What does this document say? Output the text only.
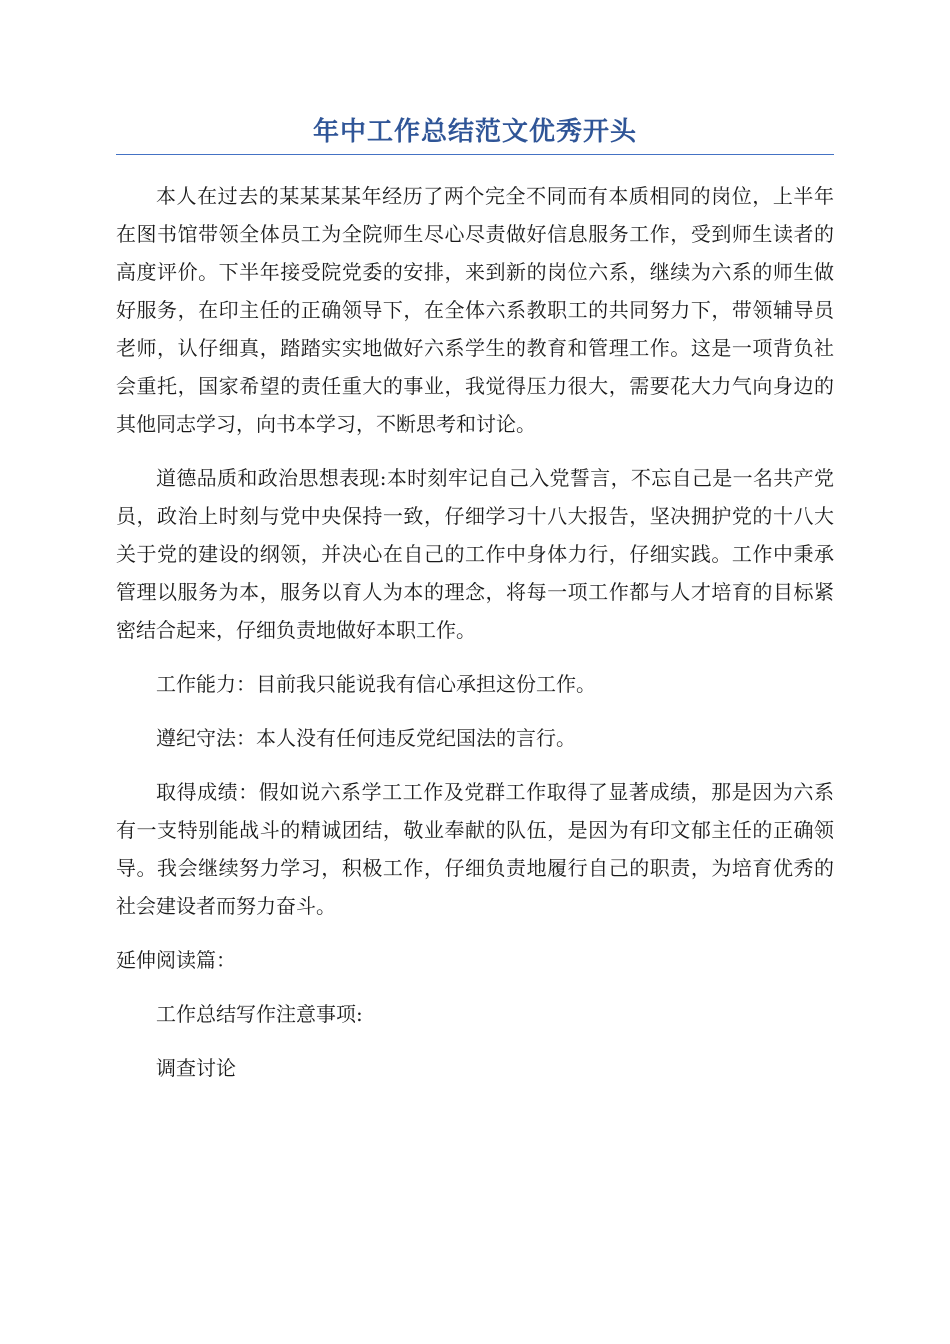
年中工作总结范文优秀开头

本人在过去的某某某某年经历了两个完全不同而有本质相同的岗位，上半年在图书馆带领全体员工为全院师生尽心尽责做好信息服务工作，受到师生读者的高度评价。下半年接受院党委的安排，来到新的岗位六系，继续为六系的师生做好服务，在印主任的正确领导下，在全体六系教职工的共同努力下，带领辅导员老师，认仔细真，踏踏实实地做好六系学生的教育和管理工作。这是一项背负社会重托，国家希望的责任重大的事业，我觉得压力很大，需要花大力气向身边的其他同志学习，向书本学习，不断思考和讨论。

道德品质和政治思想表现:本时刻牢记自己入党誓言，不忘自己是一名共产党员，政治上时刻与党中央保持一致，仔细学习十八大报告，坚决拥护党的十八大关于党的建设的纲领，并决心在自己的工作中身体力行，仔细实践。工作中秉承管理以服务为本，服务以育人为本的理念，将每一项工作都与人才培育的目标紧密结合起来，仔细负责地做好本职工作。

工作能力：目前我只能说我有信心承担这份工作。

遵纪守法：本人没有任何违反党纪国法的言行。

取得成绩：假如说六系学工工作及党群工作取得了显著成绩，那是因为六系有一支特别能战斗的精诚团结，敬业奉献的队伍，是因为有印文郁主任的正确领导。我会继续努力学习，积极工作，仔细负责地履行自己的职责，为培育优秀的社会建设者而努力奋斗。

延伸阅读篇：

工作总结写作注意事项:

调查讨论
